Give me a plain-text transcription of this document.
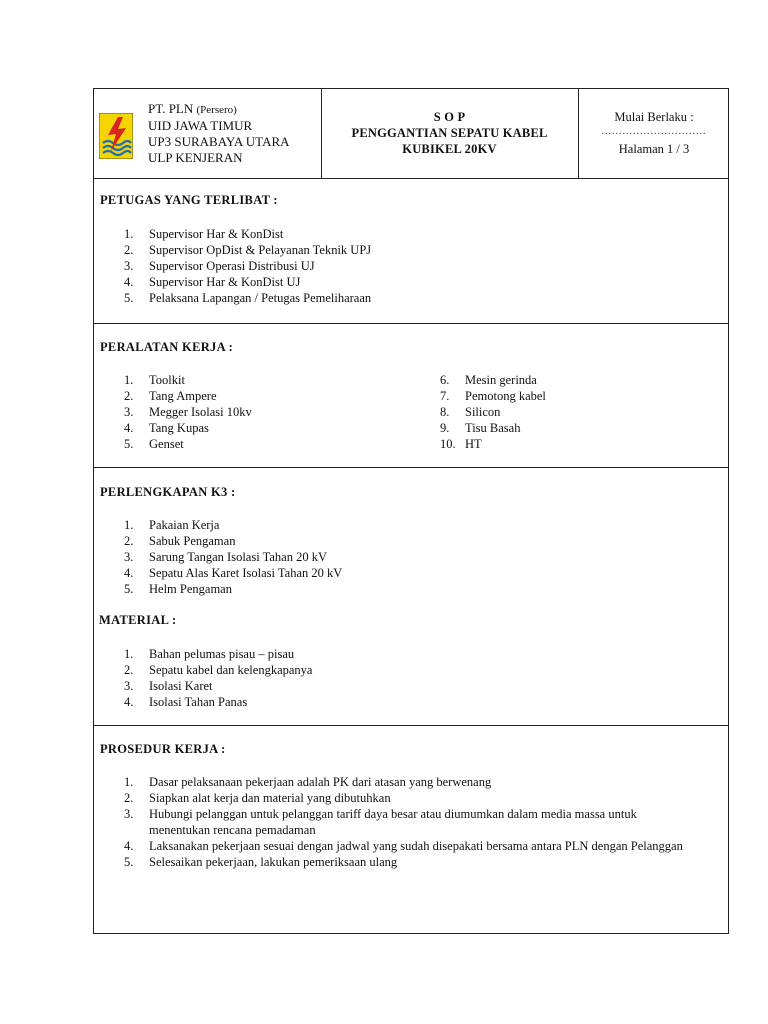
PT. PLN (Persero)
UID JAWA TIMUR
UP3 SURABAYA UTARA
ULP KENJERAN
S O P
PENGGANTIAN SEPATU KABEL
KUBIKEL 20KV
Mulai Berlaku :
..............................
Halaman 1 / 3
PETUGAS YANG TERLIBAT :
1.	Supervisor Har & KonDist
2.	Supervisor OpDist & Pelayanan Teknik UPJ
3.	Supervisor Operasi Distribusi UJ
4.	Supervisor Har & KonDist UJ
5.	Pelaksana Lapangan / Petugas Pemeliharaan
PERALATAN KERJA :
1.	Toolkit
2.	Tang Ampere
3.	Megger Isolasi 10kv
4.	Tang Kupas
5.	Genset
6.	Mesin gerinda
7.	Pemotong kabel
8.	Silicon
9.	Tisu Basah
10. HT
PERLENGKAPAN K3 :
1.	Pakaian Kerja
2.	Sabuk Pengaman
3.	Sarung Tangan Isolasi Tahan 20 kV
4.	Sepatu Alas Karet Isolasi Tahan 20 kV
5.	Helm Pengaman
MATERIAL :
1.	Bahan pelumas pisau – pisau
2.	Sepatu kabel dan kelengkapanya
3.	Isolasi Karet
4.	Isolasi Tahan Panas
PROSEDUR KERJA :
1.	Dasar pelaksanaan pekerjaan adalah PK dari atasan yang berwenang
2.	Siapkan alat kerja dan material yang dibutuhkan
3.	Hubungi pelanggan untuk pelanggan tariff daya besar atau diumumkan dalam media massa untuk menentukan rencana pemadaman
4.	Laksanakan pekerjaan sesuai dengan jadwal yang sudah disepakati bersama antara PLN dengan Pelanggan
5.	Selesaikan pekerjaan, lakukan pemeriksaan ulang
